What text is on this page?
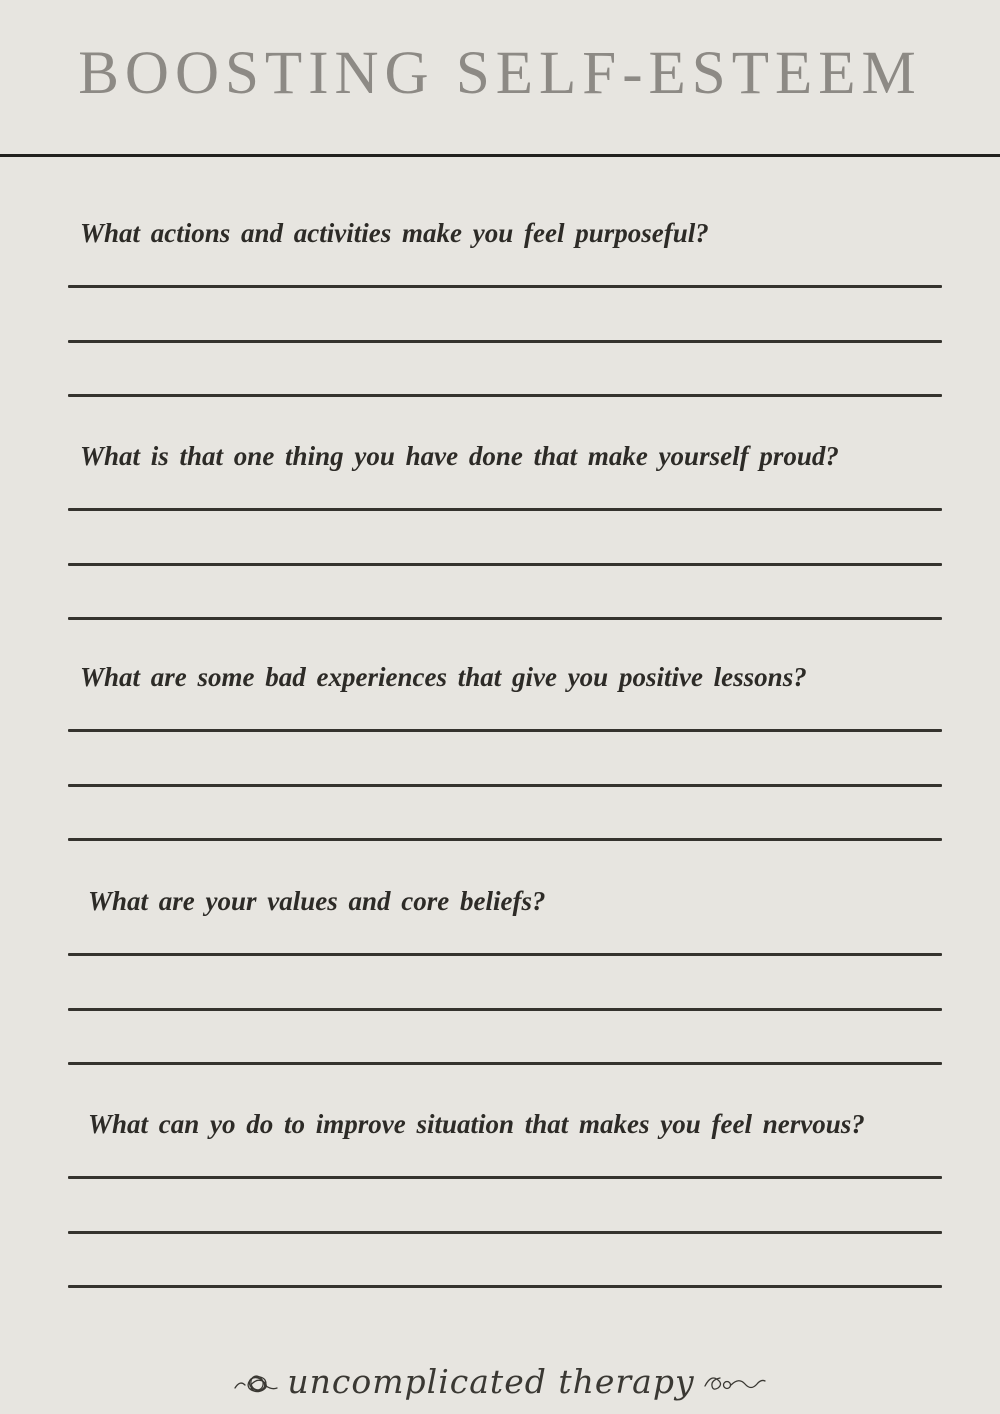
BOOSTING SELF-ESTEEM

What actions and activities make you feel purposeful?

What is that one thing you have done that make yourself proud?

What are some bad experiences that give you positive lessons?

What are your values and core beliefs?

What can yo do to improve situation that makes you feel nervous?

uncomplicated therapy
